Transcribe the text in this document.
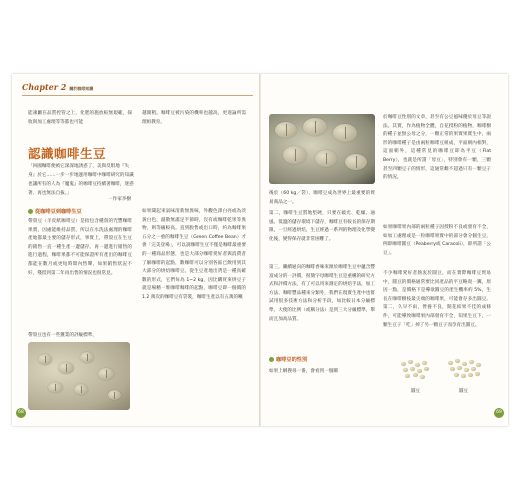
Chapter 2 關於咖啡知識
能凍屬在品質控管之上，化肥的施放較無規範，探收與加工處理等等都也可能
越簡稍。咖啡豆被污染的機率也越高，更遑論所需理組教育。
認識咖啡生豆
「回國咖啡便被它深深地誘惑了，美與反駁地『失身』於它……一步一步地運用咖啡中咖啡研究的知識也讓所有的人為『魔鬼』的咖啡豆持續著咖啡，迷惑著、再也無法自拔。」
一作家李樹
從咖啡豆到咖啡生豆
帶殼豆（羊皮紙咖啡豆）是指包含種殼的咒豐咖啡果實，因處能維持品質，所以在水洗法處理的咖啡產地都最主要的儲存形式，事實上，帶殼豆在生豆的銷售一直一種生產一邊儲存。再一邊進行銷售的進行過程，咖啡果都不可能保證所有產出的咖啡豆都能在數月或更短時間內售聲，如果銷售狀況不好，殘留到第二年再出售的情況也很常見。
帶殼豆也有一些獲業的評級標準，
如果聞起來氣味清新無異味，外觀色澤白亮或為淡黃白色，濕散無滿足半節時，沒有或咖啡乾果等異物，則等級較高。直到脫售或出口時，約為咖啡果五分之一重的咖啡生豆（Green Coffee Bean）才會「完美登場」，可以說咖啡生豆不僅是咖啡最重要的一種商品形態，也是大部分咖啡愛好者與消費者了解咖啡的起點，數咖啡可以分別各區已飲用到其大部分的烘焙咖啡豆。從生豆產地出貨是一種真確數的形式，它們每為 1~2 kg，因比購買來烘豆子就是場精一堆咖啡咖啡的起點，咖啡豆即一個價的 1.2 萬次的咖啡豆有袋裝，咖啡生產以有五萬的噸
68
後於（60 kg／袋），咖啡豆成為世界上最重要的貿易商品之一。
第二，咖啡生豆質地堅硬，只要在破光、乾燥、通風、低溫的儲存環境下儲存，咖啡豆有較長的保存期限，一旦經過烘焙，生豆經過一系列的物理及化學變化後，變得保存就非常困難了。
第三，繼續通向的咖啡香味來源於咖啡生豆中蘊含豐富成分的一評價，很簡字母咖啡生豆是重構的研究方式和評價方法，有了可以用來測定的烘焙手法，加工方法、咖啡豐品種來分類外，我們在現實生產中也嘗試用很多技術方法和分析手段，如比較日本分級標準，大使的比例（或稱分法）是到三大分級標準，舉而且加高品質。
咖啡豆的性別
如果上網搜尋一番，會看到一個關
於咖啡豆性別的文章，甚至有公豆風味優於母豆等說法。其實，作為植物全體，自花授粉的植物，咖啡樹的種子並無公母之分，一顆正常的果實果實生中，兩形的咖啡種子是由兩粒咖啡豆組成，平面朝內相對，這面朝外，這種常見的咖啡豆即為平豆（Flat Berry），也就是所謂「母豆」，特別會有一顆，三顆甚至四顆豆子的情形，這通常雌不超過只有一顆豆子的情況。
如果咖啡果內部的兩粒種子因授粉不良或發育不全，如加工處理或是一粒咖啡果實中的部分會分個生豆，例即咖啡圓豆（Peaberry或 Caracoli），即所謂「公豆」。
不少咖啡愛好者熱衷於圓豆，而在實際咖啡豆貿易中，圓豆的價格通常要比同產品的平豆略貴一籌，原因一點，是價格下是導欲圓豆的產生機率約 5%，生長在咖啡樹枝最尖端的咖啡果，可能會存多出圓豆。第二，久早不雨，營養不良，開花結果不佳的成條件，可能導致咖啡果內部發育不全，知果生豆下，一顆生豆子「吃」掉了另一顆豆子而孕育出圓豆。
圓豆	圓豆
69
